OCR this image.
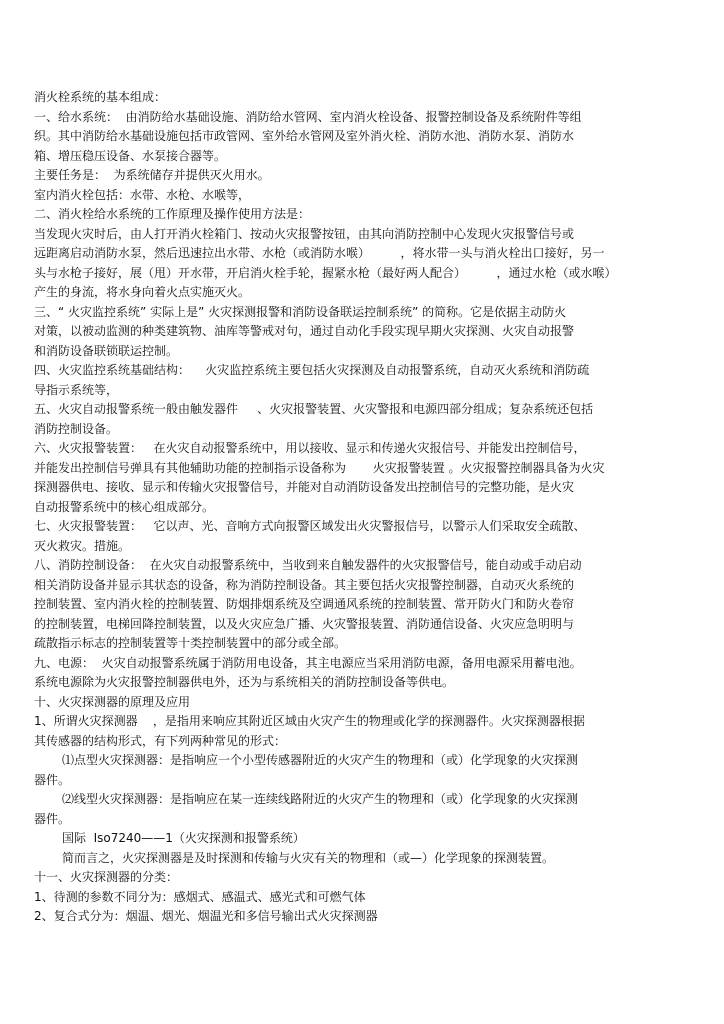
消火栓系统的基本组成：
一、给水系统：  由消防给水基础设施、消防给水管网、室内消火栓设备、报警控制设备及系统附件等组
织。其中消防给水基础设施包括市政管网、室外给水管网及室外消火栓、消防水池、消防水泵、消防水
箱、增压稳压设备、水泵接合器等。
主要任务是：  为系统储存并提供灭火用水。
室内消火栓包括：水带、水枪、水喉等，
二、消火栓给水系统的工作原理及操作使用方法是：
当发现火灾时后，由人打开消火栓箱门、按动火灾报警按钮，由其向消防控制中心发现火灾报警信号或
远距离启动消防水泵，然后迅速拉出水带、水枪（或消防水喉）        ，将水带一头与消火栓出口接好，另一
头与水枪子接好，展（甩）开水带，开启消火栓手轮，握紧水枪（最好两人配合）        ，通过水枪（或水喉）
产生的身流，将水身向着火点实施灭火。
三、“ 火灾监控系统” 实际上是” 火灾探测报警和消防设备联运控制系统” 的简称。它是依据主动防火
对策，以被动监测的种类建筑物、油库等警戒对句，通过自动化手段实现早期火灾探测、火灾自动报警
和消防设备联锁联运控制。
四、火灾监控系统基础结构：    火灾监控系统主要包括火灾探测及自动报警系统，自动灭火系统和消防疏
导指示系统等，
五、火灾自动报警系统一般由触发器件     、火灾报警装置、火灾警报和电源四部分组成；复杂系统还包括
消防控制设备。
六、火灾报警装置：   在火灾自动报警系统中，用以接收、显示和传递火灾报信号、并能发出控制信号，
并能发出控制信号弹具有其他辅助功能的控制指示设备称为       火灾报警装置 。火灾报警控制器具备为火灾
探测器供电、接收、显示和传输火灾报警信号，并能对自动消防设备发出控制信号的完整功能，是火灾
自动报警系统中的核心组成部分。
七、火灾报警装置：   它以声、光、音响方式向报警区域发出火灾警报信号，以警示人们采取安全疏散、
灭火救灾。措施。
八、消防控制设备：  在火灾自动报警系统中，当收到来自触发器件的火灾报警信号，能自动或手动启动
相关消防设备并显示其状态的设备，称为消防控制设备。其主要包括火灾报警控制器，自动灭火系统的
控制装置、室内消火栓的控制装置、防烟排烟系统及空调通风系统的控制装置、常开防火门和防火卷帘
的控制装置，电梯回降控制装置，以及火灾应急广播、火灾警报装置、消防通信设备、火灾应急明明与
疏散指示标志的控制装置等十类控制装置中的部分或全部。
九、电源：  火灾自动报警系统属于消防用电设备，其主电源应当采用消防电源，备用电源采用蓄电池。
系统电源除为火灾报警控制器供电外，还为与系统相关的消防控制设备等供电。
十、火灾探测器的原理及应用
1、所谓火灾探测器    ，是指用来响应其附近区域由火灾产生的物理或化学的探测器件。火灾探测器根据
其传感器的结构形式，有下列两种常见的形式：
⑴点型火灾探测器：是指响应一个小型传感器附近的火灾产生的物理和（或）化学现象的火灾探测
器件。
⑵线型火灾探测器：是指响应在某一连续线路附近的火灾产生的物理和（或）化学现象的火灾探测
器件。
国际  Iso7240——1（火灾探测和报警系统）
简而言之，火灾探测器是及时探测和传输与火灾有关的物理和（或—）化学现象的探测装置。
十一、火灾探测器的分类：
1、待测的参数不同分为：感烟式、感温式、感光式和可燃气体
2、复合式分为：烟温、烟光、烟温光和多信号输出式火灾探测器
